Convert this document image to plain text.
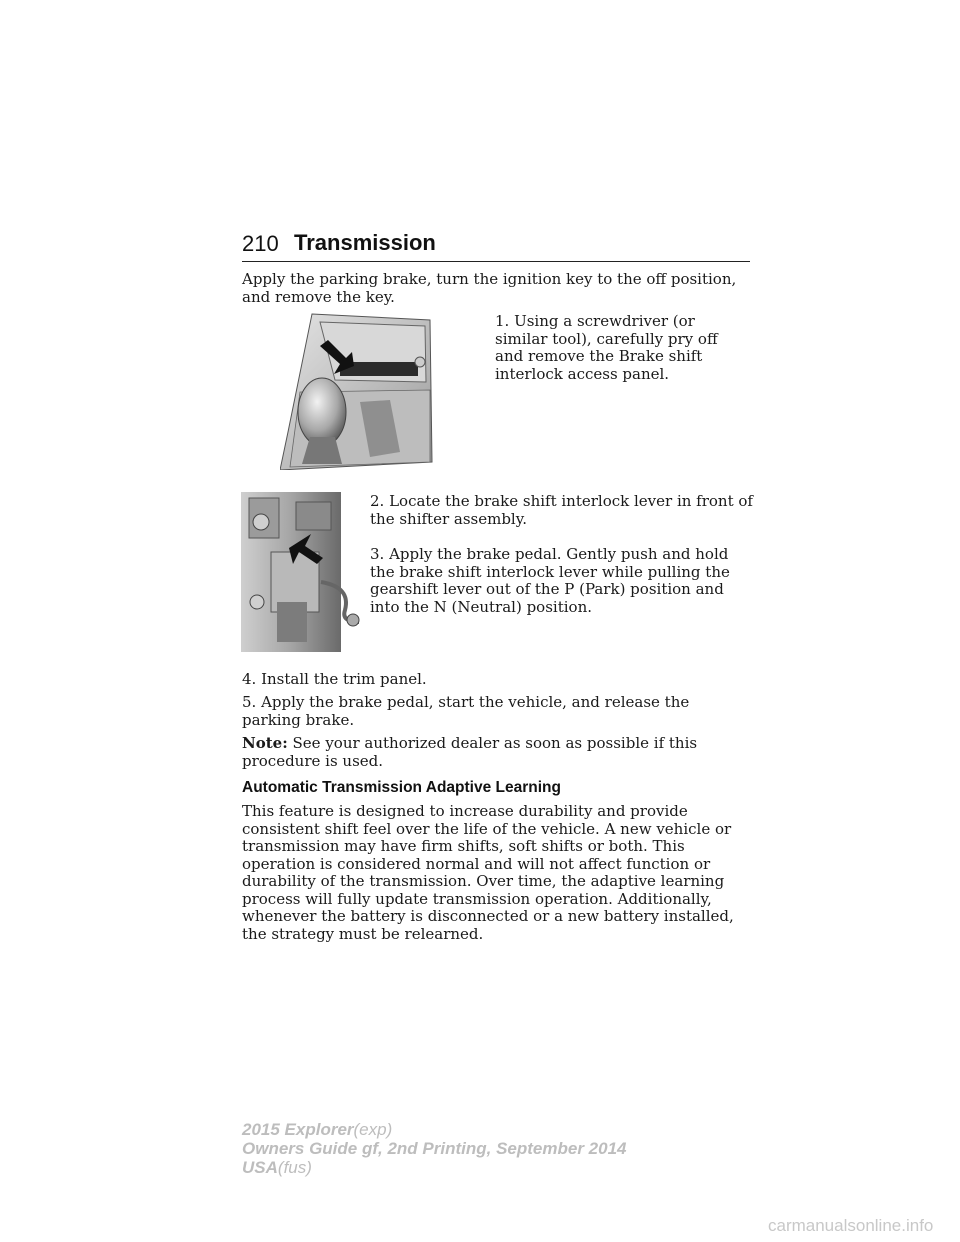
210 Transmission

Apply the parking brake, turn the ignition key to the off position, and remove the key.

1. Using a screwdriver (or similar tool), carefully pry off and remove the Brake shift interlock access panel.

2. Locate the brake shift interlock lever in front of the shifter assembly.

3. Apply the brake pedal. Gently push and hold the brake shift interlock lever while pulling the gearshift lever out of the P (Park) position and into the N (Neutral) position.

4. Install the trim panel.

5. Apply the brake pedal, start the vehicle, and release the parking brake.

Note: See your authorized dealer as soon as possible if this procedure is used.

Automatic Transmission Adaptive Learning

This feature is designed to increase durability and provide consistent shift feel over the life of the vehicle. A new vehicle or transmission may have firm shifts, soft shifts or both. This operation is considered normal and will not affect function or durability of the transmission. Over time, the adaptive learning process will fully update transmission operation. Additionally, whenever the battery is disconnected or a new battery installed, the strategy must be relearned.

2015 Explorer(exp)
Owners Guide gf, 2nd Printing, September 2014
USA(fus)
carmanualsonline.info
